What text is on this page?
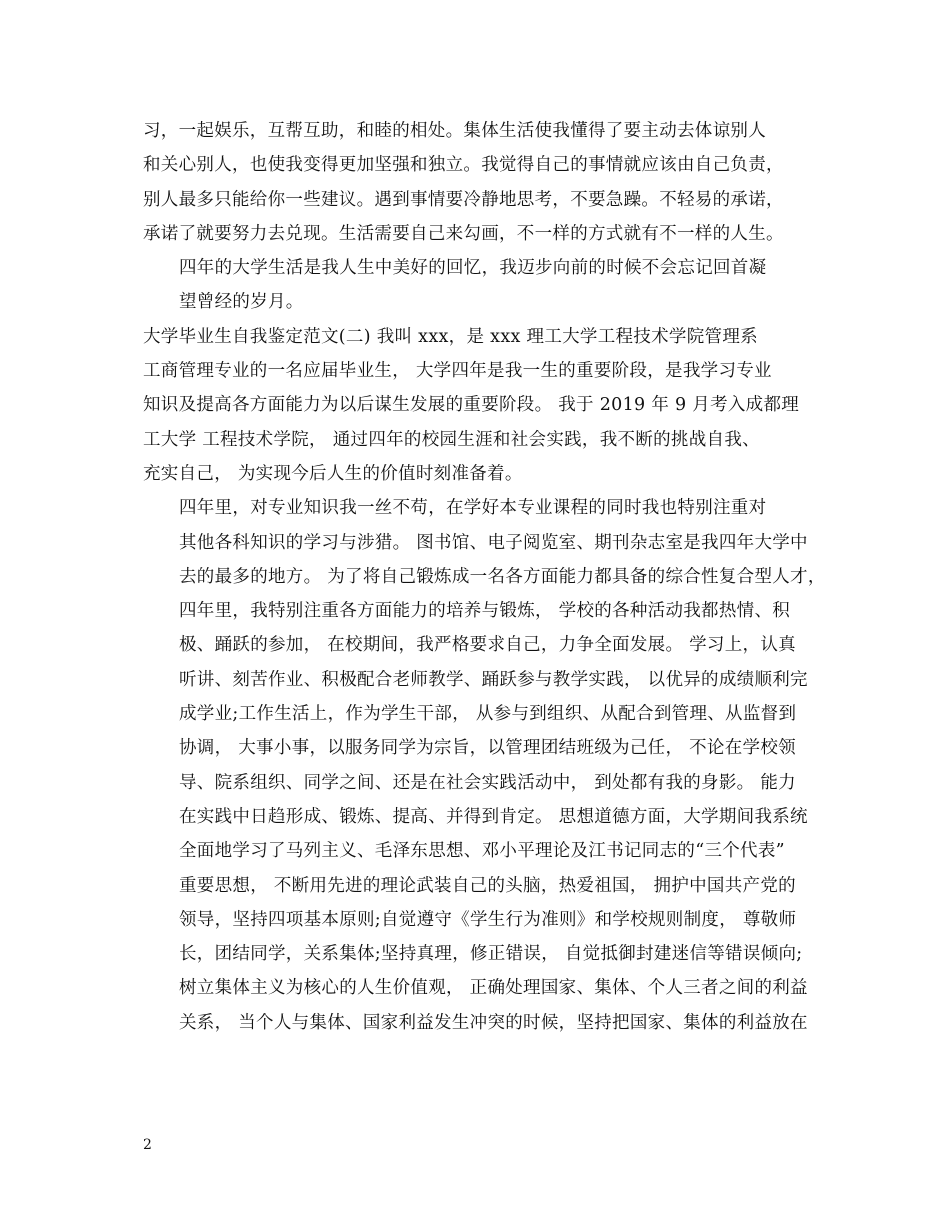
习，一起娱乐，互帮互助，和睦的相处。集体生活使我懂得了要主动去体谅别人
和关心别人，也使我变得更加坚强和独立。我觉得自己的事情就应该由自己负责，
别人最多只能给你一些建议。遇到事情要冷静地思考，不要急躁。不轻易的承诺，
承诺了就要努力去兑现。生活需要自己来勾画，不一样的方式就有不一样的人生。

四年的大学生活是我人生中美好的回忆，我迈步向前的时候不会忘记回首凝
望曾经的岁月。

大学毕业生自我鉴定范文(二) 我叫 xxx，是 xxx 理工大学工程技术学院管理系
工商管理专业的一名应届毕业生， 大学四年是我一生的重要阶段，是我学习专业
知识及提高各方面能力为以后谋生发展的重要阶段。 我于 2019 年 9 月考入成都理
工大学 工程技术学院， 通过四年的校园生涯和社会实践，我不断的挑战自我、
充实自己， 为实现今后人生的价值时刻准备着。

四年里，对专业知识我一丝不苟，在学好本专业课程的同时我也特别注重对
其他各科知识的学习与涉猎。 图书馆、电子阅览室、期刊杂志室是我四年大学中
去的最多的地方。 为了将自己锻炼成一名各方面能力都具备的综合性复合型人才，
四年里，我特别注重各方面能力的培养与锻炼， 学校的各种活动我都热情、积
极、踊跃的参加， 在校期间，我严格要求自己，力争全面发展。 学习上，认真
听讲、刻苦作业、积极配合老师教学、踊跃参与教学实践， 以优异的成绩顺利完
成学业;工作生活上，作为学生干部， 从参与到组织、从配合到管理、从监督到
协调， 大事小事，以服务同学为宗旨，以管理团结班级为己任， 不论在学校领
导、院系组织、同学之间、还是在社会实践活动中， 到处都有我的身影。 能力
在实践中日趋形成、锻炼、提高、并得到肯定。 思想道德方面，大学期间我系统
全面地学习了马列主义、毛泽东思想、邓小平理论及江书记同志的“三个代表”
重要思想， 不断用先进的理论武装自己的头脑，热爱祖国， 拥护中国共产党的
领导，坚持四项基本原则;自觉遵守《学生行为准则》和学校规则制度， 尊敬师
长，团结同学，关系集体;坚持真理，修正错误， 自觉抵御封建迷信等错误倾向;
树立集体主义为核心的人生价值观， 正确处理国家、集体、个人三者之间的利益
关系， 当个人与集体、国家利益发生冲突的时候，坚持把国家、集体的利益放在

2
